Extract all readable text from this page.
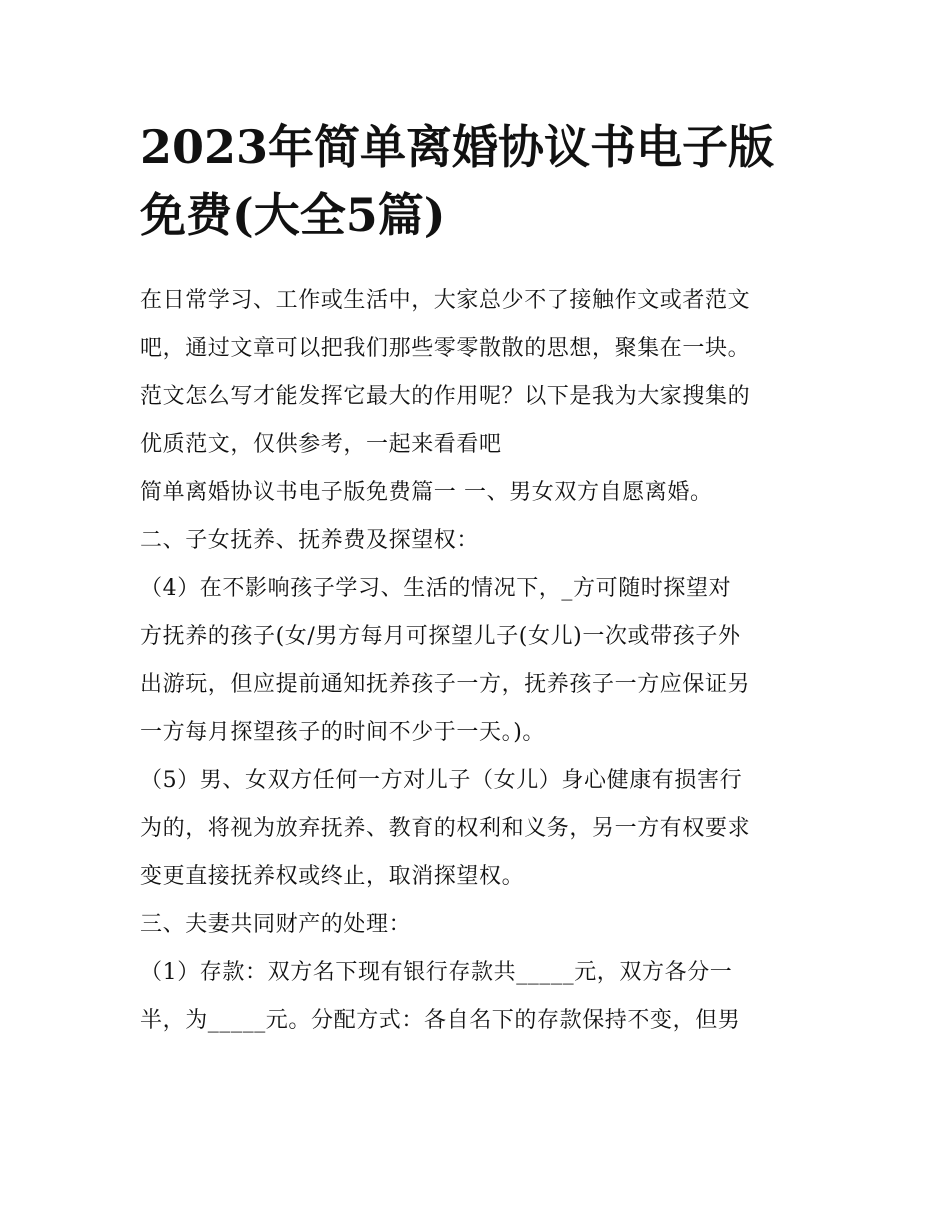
2023年简单离婚协议书电子版
免费(大全5篇)

在日常学习、工作或生活中，大家总少不了接触作文或者范文
吧，通过文章可以把我们那些零零散散的思想，聚集在一块。
范文怎么写才能发挥它最大的作用呢？以下是我为大家搜集的
优质范文，仅供参考，一起来看看吧

简单离婚协议书电子版免费篇一 一、男女双方自愿离婚。

二、子女抚养、抚养费及探望权：

（4）在不影响孩子学习、生活的情况下，_方可随时探望对
方抚养的孩子(女/男方每月可探望儿子(女儿)一次或带孩子外
出游玩，但应提前通知抚养孩子一方，抚养孩子一方应保证另
一方每月探望孩子的时间不少于一天。)。

（5）男、女双方任何一方对儿子（女儿）身心健康有损害行
为的，将视为放弃抚养、教育的权利和义务，另一方有权要求
变更直接抚养权或终止，取消探望权。

三、夫妻共同财产的处理：

（1）存款：双方名下现有银行存款共_____元，双方各分一
半，为_____元。分配方式：各自名下的存款保持不变，但男
